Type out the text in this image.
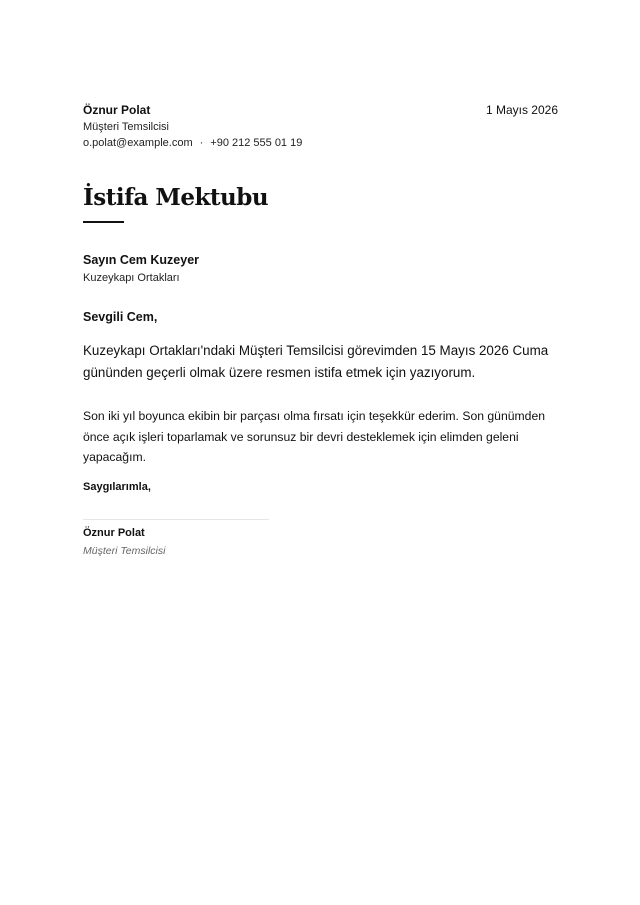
Öznur Polat
Müşteri Temsilcisi
o.polat@example.com · +90 212 555 01 19
1 Mayıs 2026
İstifa Mektubu
Sayın Cem Kuzeyer
Kuzeykapı Ortakları
Sevgili Cem,

Kuzeykapı Ortakları'ndaki Müşteri Temsilcisi görevimden 15 Mayıs 2026 Cuma gününden geçerli olmak üzere resmen istifa etmek için yazıyorum.

Son iki yıl boyunca ekibin bir parçası olma fırsatı için teşekkür ederim. Son günümden önce açık işleri toparlamak ve sorunsuz bir devri desteklemek için elimden geleni yapacağım.

Saygılarımla,
Öznur Polat
Müşteri Temsilcisi
